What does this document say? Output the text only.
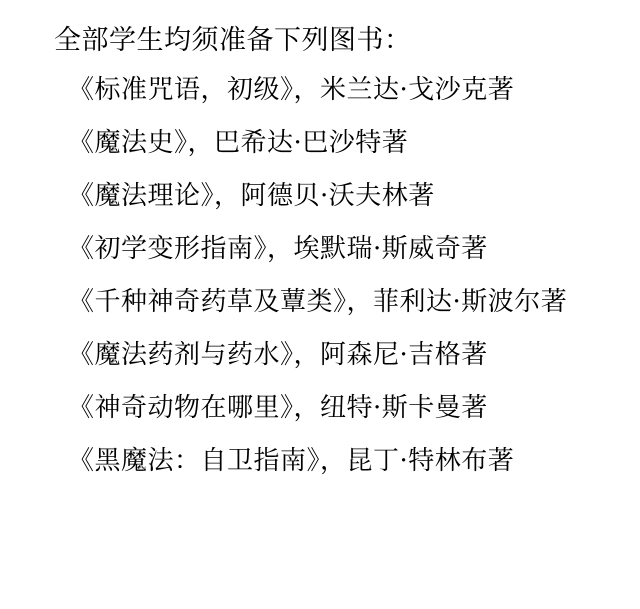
全部学生均须准备下列图书：
《标准咒语，初级》，米兰达·戈沙克著
《魔法史》，巴希达·巴沙特著
《魔法理论》，阿德贝·沃夫林著
《初学变形指南》，埃默瑞·斯威奇著
《千种神奇药草及蕈类》，菲利达·斯波尔著
《魔法药剂与药水》，阿森尼·吉格著
《神奇动物在哪里》，纽特·斯卡曼著
《黑魔法：自卫指南》，昆丁·特林布著
